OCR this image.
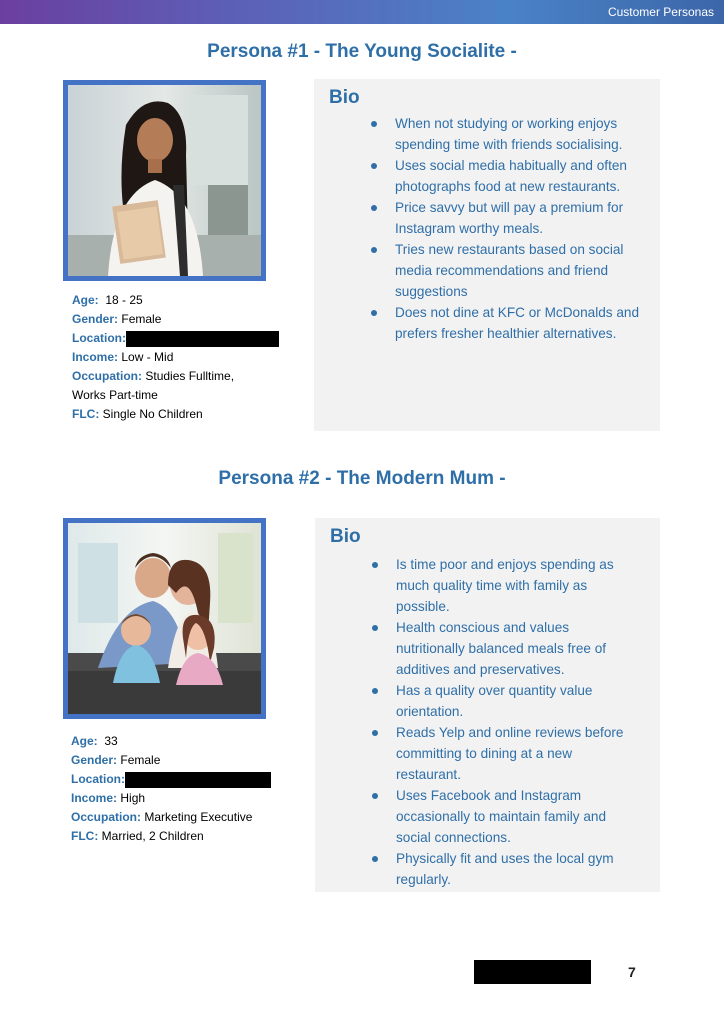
Customer Personas
Persona #1 - The Young Socialite -
Age: 18 - 25
Gender: Female
Location:
Income: Low - Mid
Occupation: Studies Fulltime,
Works Part-time
FLC: Single No Children
Bio
When not studying or working enjoys spending time with friends socialising.
Uses social media habitually and often photographs food at new restaurants.
Price savvy but will pay a premium for Instagram worthy meals.
Tries new restaurants based on social media recommendations and friend suggestions
Does not dine at KFC or McDonalds and prefers fresher healthier alternatives.
Persona #2 - The Modern Mum -
Age: 33
Gender: Female
Location:
Income: High
Occupation: Marketing Executive
FLC: Married, 2 Children
Bio
Is time poor and enjoys spending as much quality time with family as possible.
Health conscious and values nutritionally balanced meals free of additives and preservatives.
Has a quality over quantity value orientation.
Reads Yelp and online reviews before committing to dining at a new restaurant.
Uses Facebook and Instagram occasionally to maintain family and social connections.
Physically fit and uses the local gym regularly.
7
